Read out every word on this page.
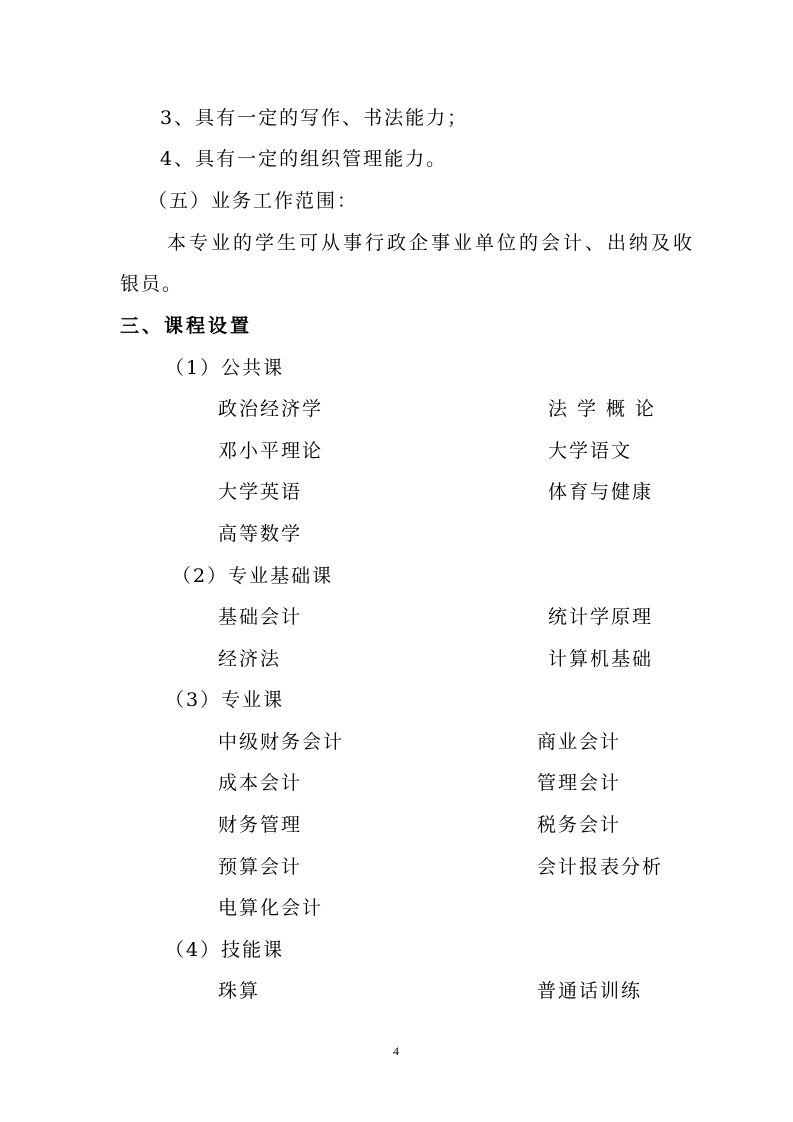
3、具有一定的写作、书法能力；
4、具有一定的组织管理能力。
（五）业务工作范围：
本专业的学生可从事行政企事业单位的会计、出纳及收
银员。
三、课程设置
（1）公共课
政治经济学	法学概论
邓小平理论	大学语文
大学英语	体育与健康
高等数学
（2）专业基础课
基础会计	统计学原理
经济法	计算机基础
（3）专业课
中级财务会计	商业会计
成本会计	管理会计
财务管理	税务会计
预算会计	会计报表分析
电算化会计
（4）技能课
珠算	普通话训练
4
